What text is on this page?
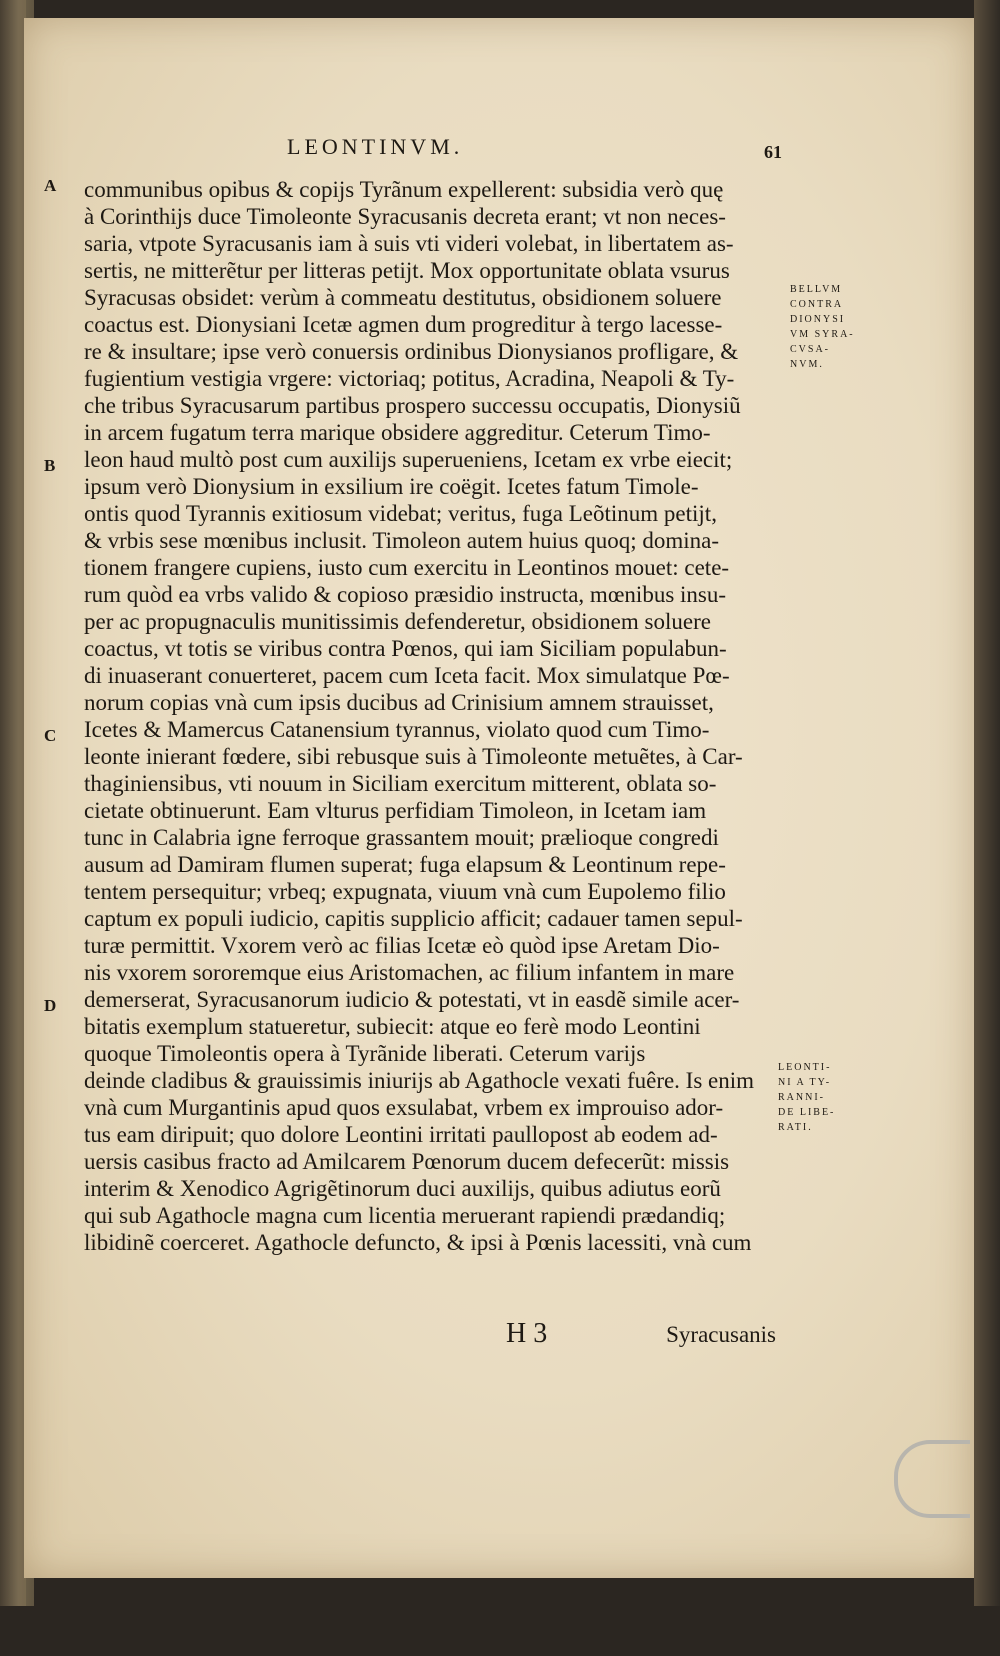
LEONTINVM.	61
communibus opibus & copijs Tyrãnum expellerent: subsidia verò quę
à Corinthijs duce Timoleonte Syracusanis decreta erant; vt non neces-
saria, vtpote Syracusanis iam à suis vti videri volebat, in libertatem as-
sertis, ne mitterẽtur per litteras petijt. Mox opportunitate oblata vsurus
Syracusas obsidet: verùm à commeatu destitutus, obsidionem soluere
coactus est. Dionysiani Icetæ agmen dum progreditur à tergo lacesse-
re & insultare; ipse verò conuersis ordinibus Dionysianos profligare, &
fugientium vestigia vrgere: victoriaq; potitus, Acradina, Neapoli & Ty-
che tribus Syracusarum partibus prospero successu occupatis, Dionysiũ
in arcem fugatum terra marique obsidere aggreditur. Ceterum Timo-
leon haud multò post cum auxilijs superueniens, Icetam ex vrbe eiecit;
ipsum verò Dionysium in exsilium ire coëgit. Icetes fatum Timole-
ontis quod Tyrannis exitiosum videbat; veritus, fuga Leõtinum petijt,
& vrbis sese mœnibus inclusit. Timoleon autem huius quoq; domina-
tionem frangere cupiens, iusto cum exercitu in Leontinos mouet: cete-
rum quòd ea vrbs valido & copioso præsidio instructa, mœnibus insu-
per ac propugnaculis munitissimis defenderetur, obsidionem soluere
coactus, vt totis se viribus contra Pœnos, qui iam Siciliam populabun-
di inuaserant conuerteret, pacem cum Iceta facit. Mox simulatque Pœ-
norum copias vnà cum ipsis ducibus ad Crinisium amnem strauisset,
Icetes & Mamercus Catanensium tyrannus, violato quod cum Timo-
leonte inierant fœdere, sibi rebusque suis à Timoleonte metuẽtes, à Car-
thaginiensibus, vti nouum in Siciliam exercitum mitterent, oblata so-
cietate obtinuerunt. Eam vlturus perfidiam Timoleon, in Icetam iam
tunc in Calabria igne ferroque grassantem mouit; prælioque congredi
ausum ad Damiram flumen superat; fuga elapsum & Leontinum repe-
tentem persequitur; vrbeq; expugnata, viuum vnà cum Eupolemo filio
captum ex populi iudicio, capitis supplicio afficit; cadauer tamen sepul-
turæ permittit. Vxorem verò ac filias Icetæ eò quòd ipse Aretam Dio-
nis vxorem sororemque eius Aristomachen, ac filium infantem in mare
demerserat, Syracusanorum iudicio & potestati, vt in easdẽ simile acer-
bitatis exemplum statueretur, subiecit: atque eo ferè modo Leontini
quoque Timoleontis opera à Tyrãnide liberati. Ceterum varijs
deinde cladibus & grauissimis iniurijs ab Agathocle vexati fuêre. Is enim
vnà cum Murgantinis apud quos exsulabat, vrbem ex improuiso ador-
tus eam diripuit; quo dolore Leontini irritati paullopost ab eodem ad-
uersis casibus fracto ad Amilcarem Pœnorum ducem defecerũt: missis
interim & Xenodico Agrigẽtinorum duci auxilijs, quibus adiutus eorũ
qui sub Agathocle magna cum licentia meruerant rapiendi prædandiq;
libidinẽ coerceret. Agathocle defuncto, & ipsi à Pœnis lacessiti, vnà cum
A
B
C
D
BELLVM
CONTRA
DIONYSI
VM SYRA-
CVSA-
NVM.
LEONTI-
NI A TY-
RANNI-
DE LIBE-
RATI.
H 3	Syracusanis
